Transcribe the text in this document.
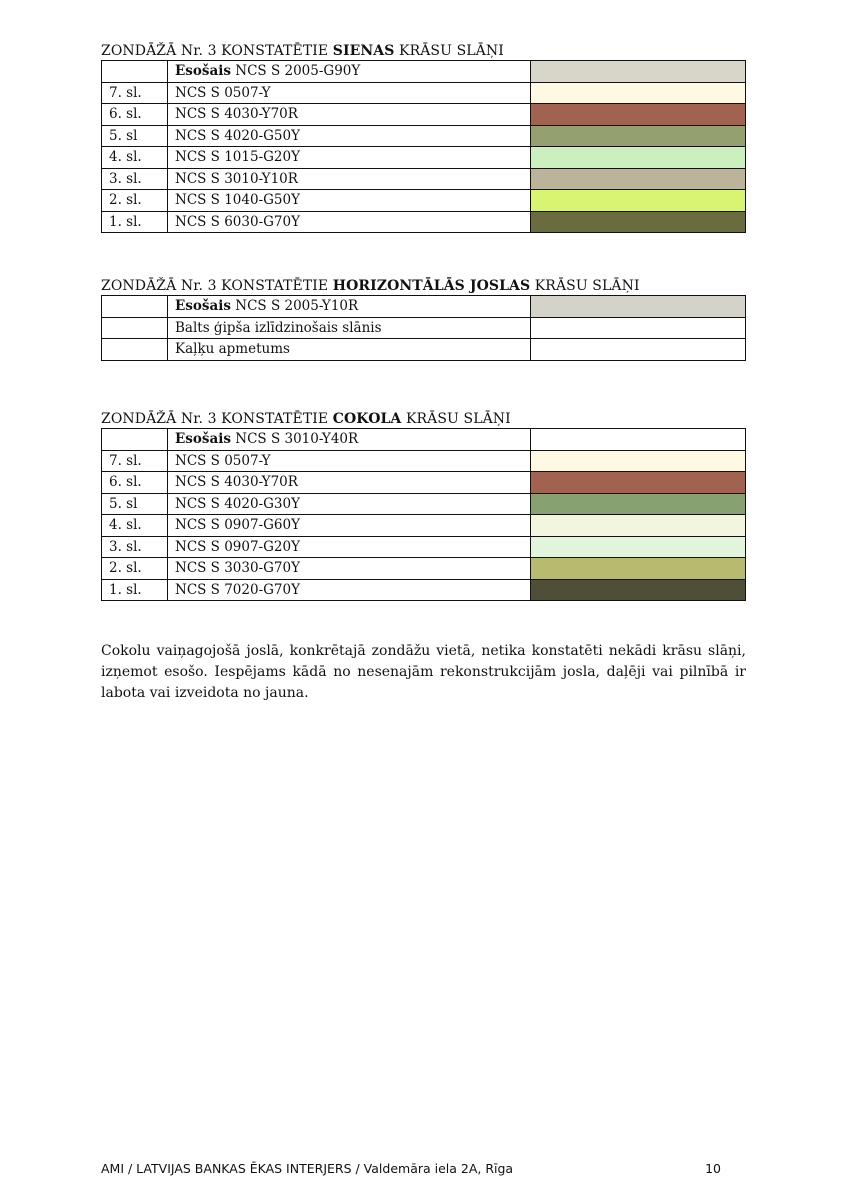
ZONDĀŽĀ Nr. 3 KONSTATĒTIE SIENAS KRĀSU SLĀŅI
	Esošais NCS S 2005-G90Y	
7. sl.	NCS S 0507-Y	
6. sl.	NCS S 4030-Y70R	
5. sl	NCS S 4020-G50Y	
4. sl.	NCS S 1015-G20Y	
3. sl.	NCS S 3010-Y10R	
2. sl.	NCS S 1040-G50Y	
1. sl.	NCS S 6030-G70Y	
ZONDĀŽĀ Nr. 3 KONSTATĒTIE HORIZONTĀLĀS JOSLAS KRĀSU SLĀŅI
	Esošais NCS S 2005-Y10R	
	Balts ģipša izlīdzinošais slānis	
	Kaļķu apmetums	
ZONDĀŽĀ Nr. 3 KONSTATĒTIE COKOLA KRĀSU SLĀŅI
	Esošais NCS S 3010-Y40R	
7. sl.	NCS S 0507-Y	
6. sl.	NCS S 4030-Y70R	
5. sl	NCS S 4020-G30Y	
4. sl.	NCS S 0907-G60Y	
3. sl.	NCS S 0907-G20Y	
2. sl.	NCS S 3030-G70Y	
1. sl.	NCS S 7020-G70Y	
Cokolu vaiņagojošā joslā, konkrētajā zondāžu vietā, netika konstatēti nekādi krāsu slāņi, izņemot esošo. Iespējams kādā no nesenajām rekonstrukcijām josla, daļēji vai pilnībā ir labota vai izveidota no jauna.
AMI / LATVIJAS BANKAS ĒKAS INTERJERS / Valdemāra iela 2A, Rīga	10
